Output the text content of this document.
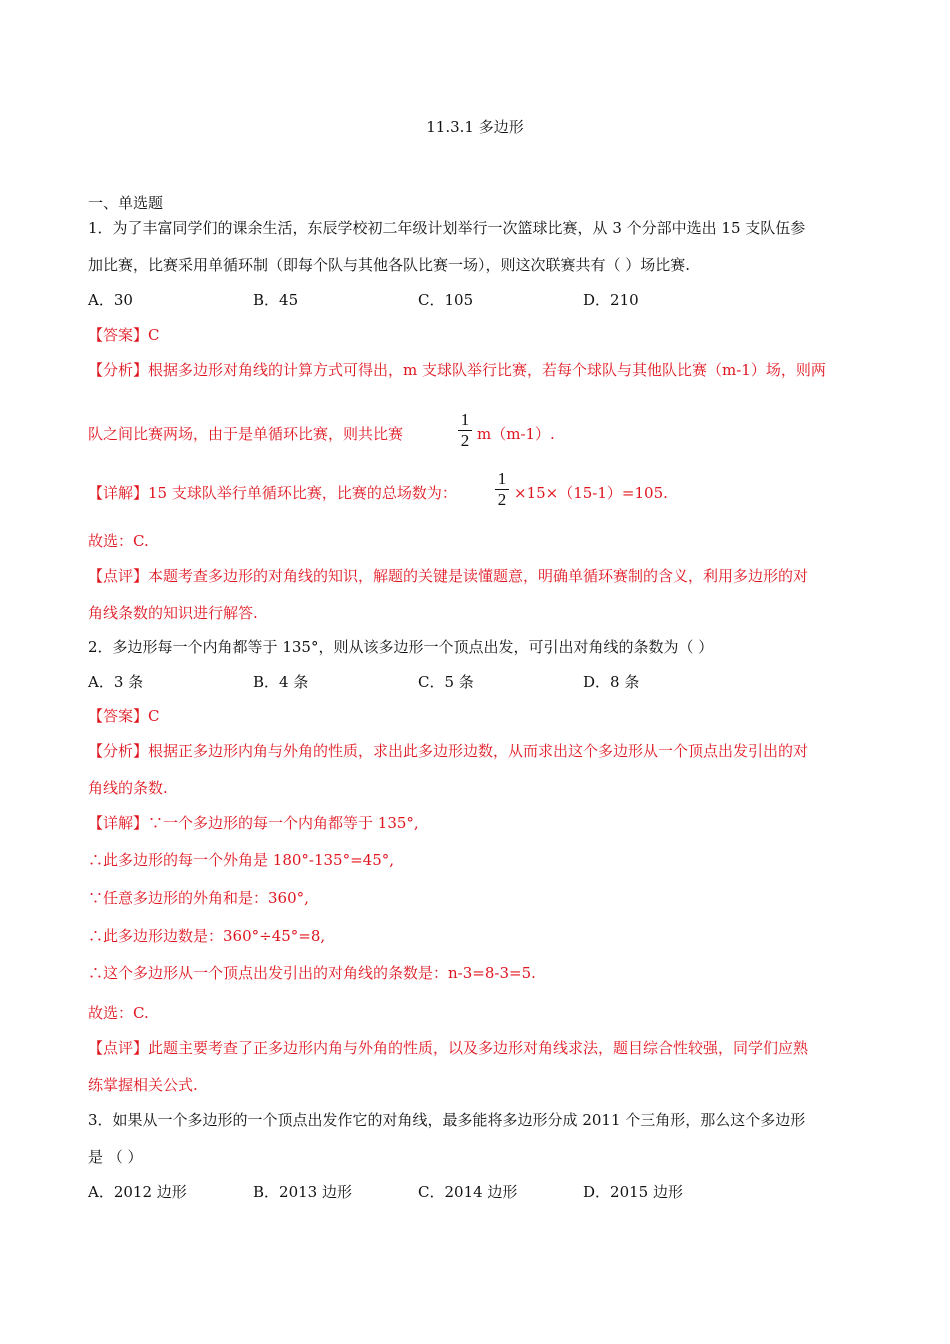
11.3.1 多边形
一、单选题
1．为了丰富同学们的课余生活，东辰学校初二年级计划举行一次篮球比赛，从 3 个分部中选出 15 支队伍参
加比赛，比赛采用单循环制（即每个队与其他各队比赛一场），则这次联赛共有（ ）场比赛.
A．30	B．45	C．105	D．210
【答案】C
【分析】根据多边形对角线的计算方式可得出，m 支球队举行比赛，若每个球队与其他队比赛（m-1）场，则两
队之间比赛两场，由于是单循环比赛，则共比赛
1
2 m（m-1）.
【详解】15 支球队举行单循环比赛，比赛的总场数为：
1
2 ×15×（15-1）=105.
故选：C.
【点评】本题考查多边形的对角线的知识，解题的关键是读懂题意，明确单循环赛制的含义，利用多边形的对
角线条数的知识进行解答.
2．多边形每一个内角都等于 135°，则从该多边形一个顶点出发，可引出对角线的条数为（ ）
A．3 条	B．4 条	C．5 条	D．8 条
【答案】C
【分析】根据正多边形内角与外角的性质，求出此多边形边数，从而求出这个多边形从一个顶点出发引出的对
角线的条数.
【详解】∵一个多边形的每一个内角都等于 135°,
∴此多边形的每一个外角是 180°-135°=45°,
∵任意多边形的外角和是：360°,
∴此多边形边数是：360°÷45°=8,
∴这个多边形从一个顶点出发引出的对角线的条数是：n-3=8-3=5.
故选：C.
【点评】此题主要考查了正多边形内角与外角的性质，以及多边形对角线求法，题目综合性较强，同学们应熟
练掌握相关公式.
3．如果从一个多边形的一个顶点出发作它的对角线，最多能将多边形分成 2011 个三角形，那么这个多边形
是 （ ）
A．2012 边形	B．2013 边形	C．2014 边形	D．2015 边形
